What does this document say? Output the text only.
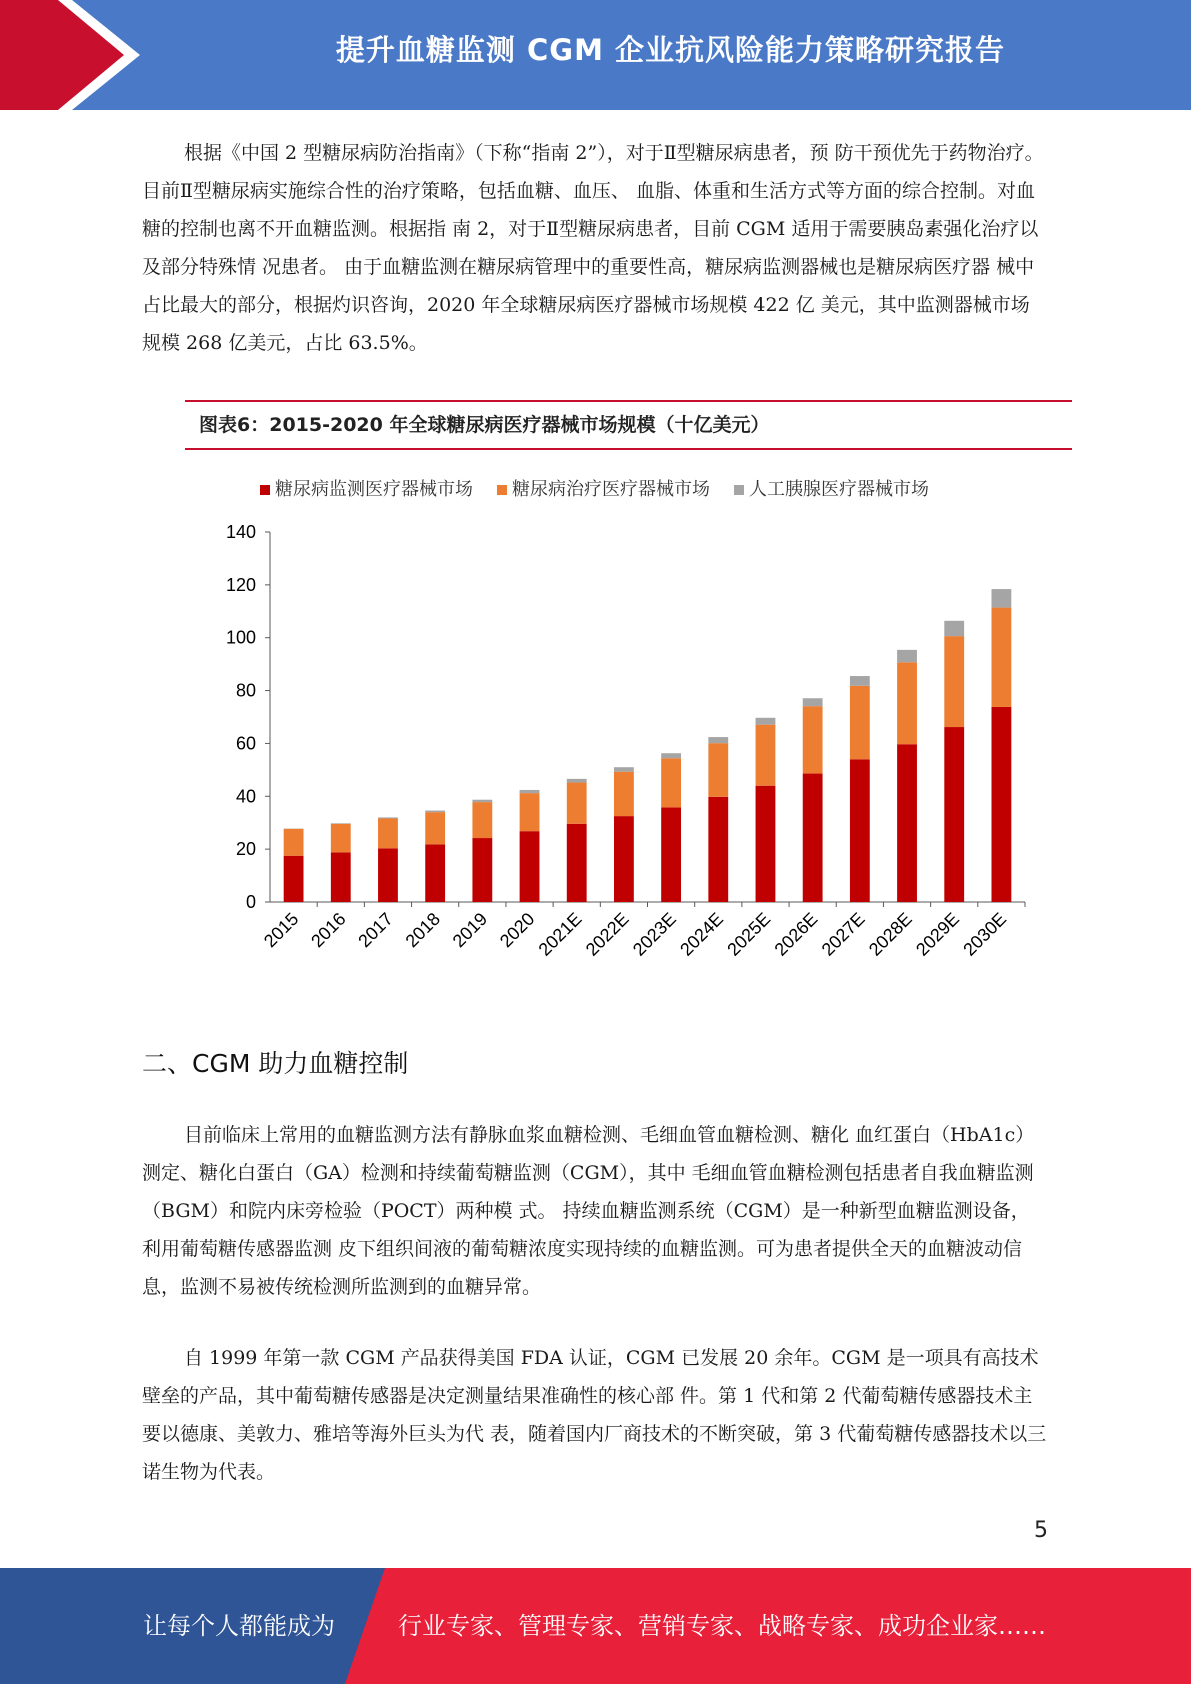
提升血糖监测 CGM 企业抗风险能力策略研究报告

根据《中国 2 型糖尿病防治指南》（下称“指南 2”），对于Ⅱ型糖尿病患者，预 防干预优先于药物治疗。目前Ⅱ型糖尿病实施综合性的治疗策略，包括血糖、血压、 血脂、体重和生活方式等方面的综合控制。对血糖的控制也离不开血糖监测。根据指 南 2，对于Ⅱ型糖尿病患者，目前 CGM 适用于需要胰岛素强化治疗以及部分特殊情 况患者。 由于血糖监测在糖尿病管理中的重要性高，糖尿病监测器械也是糖尿病医疗器 械中占比最大的部分，根据灼识咨询，2020 年全球糖尿病医疗器械市场规模 422 亿 美元，其中监测器械市场规模 268 亿美元，占比 63.5%。

图表6：2015-2020 年全球糖尿病医疗器械市场规模（十亿美元）
糖尿病监测医疗器械市场 糖尿病治疗医疗器械市场 人工胰腺医疗器械市场
0
20
40
60
80
100
120
140
2015 2016 2017 2018 2019 2020
2021E
2022E
2023E
2024E
2025E
2026E
2027E
2028E
2029E
2030E
二、CGM 助力血糖控制

目前临床上常用的血糖监测方法有静脉血浆血糖检测、毛细血管血糖检测、糖化 血红蛋白（HbA1c）测定、糖化白蛋白（GA）检测和持续葡萄糖监测（CGM），其中 毛细血管血糖检测包括患者自我血糖监测（BGM）和院内床旁检验（POCT）两种模 式。 持续血糖监测系统（CGM）是一种新型血糖监测设备，利用葡萄糖传感器监测 皮下组织间液的葡萄糖浓度实现持续的血糖监测。可为患者提供全天的血糖波动信 息，监测不易被传统检测所监测到的血糖异常。

自 1999 年第一款 CGM 产品获得美国 FDA 认证，CGM 已发展 20 余年。CGM 是一项具有高技术壁垒的产品，其中葡萄糖传感器是决定测量结果准确性的核心部 件。第 1 代和第 2 代葡萄糖传感器技术主要以德康、美敦力、雅培等海外巨头为代 表，随着国内厂商技术的不断突破，第 3 代葡萄糖传感器技术以三诺生物为代表。

5
让每个人都能成为	行业专家、管理专家、营销专家、战略专家、成功企业家……
